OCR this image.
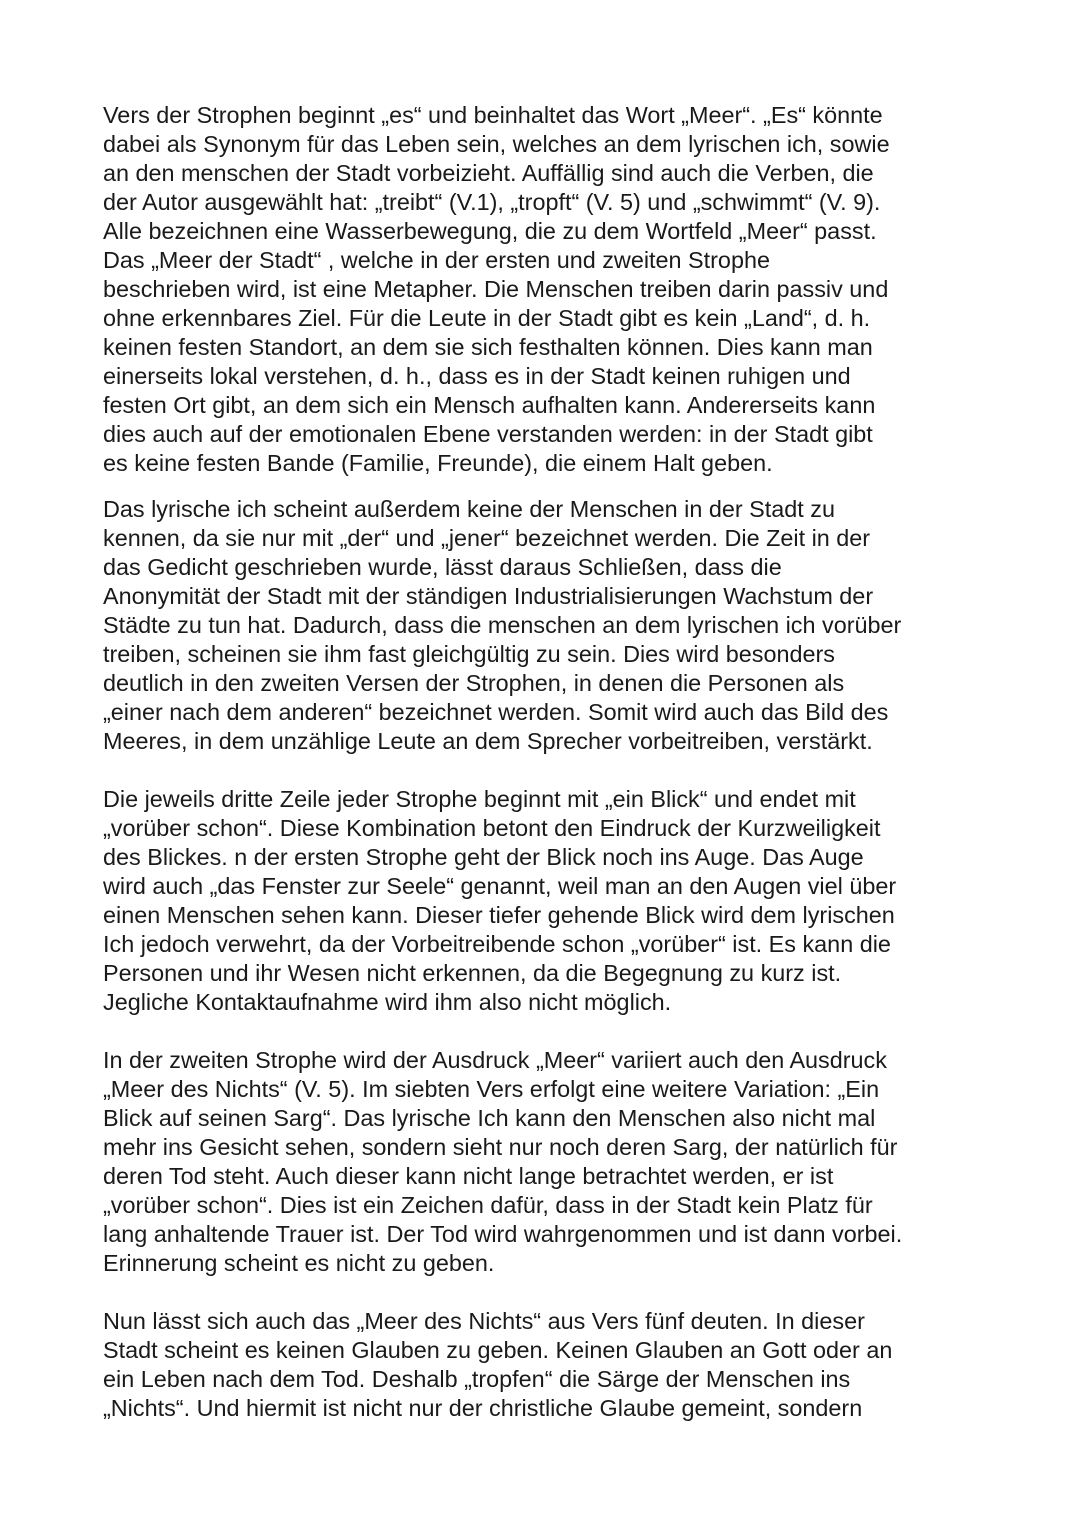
Vers der Strophen beginnt „es“ und beinhaltet das Wort „Meer“. „Es“ könnte
dabei als Synonym für das Leben sein, welches an dem lyrischen ich, sowie
an den menschen der Stadt vorbeizieht. Auffällig sind auch die Verben, die
der Autor ausgewählt hat: „treibt“ (V.1), „tropft“ (V. 5) und „schwimmt“ (V. 9).
Alle bezeichnen eine Wasserbewegung, die zu dem Wortfeld „Meer“ passt.
Das „Meer der Stadt“ , welche in der ersten und zweiten Strophe
beschrieben wird, ist eine Metapher. Die Menschen treiben darin passiv und
ohne erkennbares Ziel. Für die Leute in der Stadt gibt es kein „Land“, d. h.
keinen festen Standort, an dem sie sich festhalten können. Dies kann man
einerseits lokal verstehen, d. h., dass es in der Stadt keinen ruhigen und
festen Ort gibt, an dem sich ein Mensch aufhalten kann. Andererseits kann
dies auch auf der emotionalen Ebene verstanden werden: in der Stadt gibt
es keine festen Bande (Familie, Freunde), die einem Halt geben.

Das lyrische ich scheint außerdem keine der Menschen in der Stadt zu
kennen, da sie nur mit „der“ und „jener“ bezeichnet werden. Die Zeit in der
das Gedicht geschrieben wurde, lässt daraus Schließen, dass die
Anonymität der Stadt mit der ständigen Industrialisierungen Wachstum der
Städte zu tun hat. Dadurch, dass die menschen an dem lyrischen ich vorüber
treiben, scheinen sie ihm fast gleichgültig zu sein. Dies wird besonders
deutlich in den zweiten Versen der Strophen, in denen die Personen als
„einer nach dem anderen“ bezeichnet werden. Somit wird auch das Bild des
Meeres, in dem unzählige Leute an dem Sprecher vorbeitreiben, verstärkt.

Die jeweils dritte Zeile jeder Strophe beginnt mit „ein Blick“ und endet mit
„vorüber schon“. Diese Kombination betont den Eindruck der Kurzweiligkeit
des Blickes. n der ersten Strophe geht der Blick noch ins Auge. Das Auge
wird auch „das Fenster zur Seele“ genannt, weil man an den Augen viel über
einen Menschen sehen kann. Dieser tiefer gehende Blick wird dem lyrischen
Ich jedoch verwehrt, da der Vorbeitreibende schon „vorüber“ ist. Es kann die
Personen und ihr Wesen nicht erkennen, da die Begegnung zu kurz ist.
Jegliche Kontaktaufnahme wird ihm also nicht möglich.

In der zweiten Strophe wird der Ausdruck „Meer“ variiert auch den Ausdruck
„Meer des Nichts“ (V. 5). Im siebten Vers erfolgt eine weitere Variation: „Ein
Blick auf seinen Sarg“. Das lyrische Ich kann den Menschen also nicht mal
mehr ins Gesicht sehen, sondern sieht nur noch deren Sarg, der natürlich für
deren Tod steht. Auch dieser kann nicht lange betrachtet werden, er ist
„vorüber schon“. Dies ist ein Zeichen dafür, dass in der Stadt kein Platz für
lang anhaltende Trauer ist. Der Tod wird wahrgenommen und ist dann vorbei.
Erinnerung scheint es nicht zu geben.

Nun lässt sich auch das „Meer des Nichts“ aus Vers fünf deuten. In dieser
Stadt scheint es keinen Glauben zu geben. Keinen Glauben an Gott oder an
ein Leben nach dem Tod. Deshalb „tropfen“ die Särge der Menschen ins
„Nichts“. Und hiermit ist nicht nur der christliche Glaube gemeint, sondern
